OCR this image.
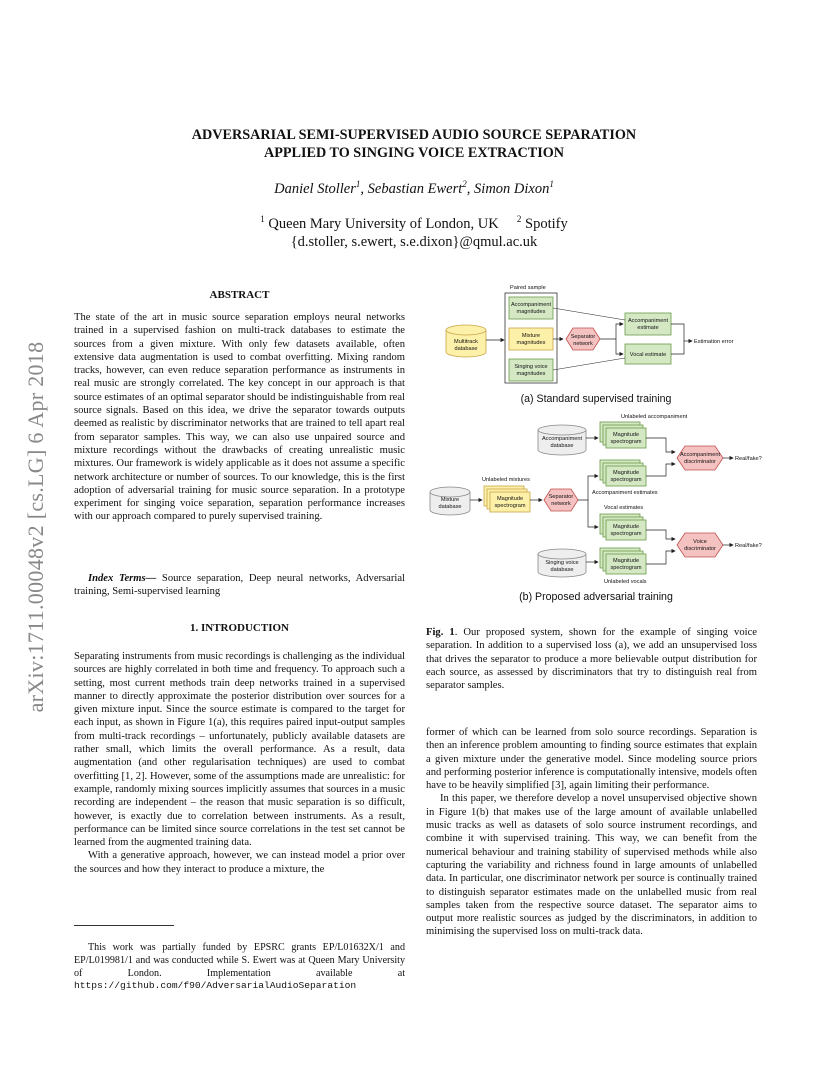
ADVERSARIAL SEMI-SUPERVISED AUDIO SOURCE SEPARATION
APPLIED TO SINGING VOICE EXTRACTION
Daniel Stoller$^1$, Sebastian Ewert$^2$, Simon Dixon$^1$
$^1$ Queen Mary University of London, UK $^2$ Spotify
{d.stoller, s.ewert, s.e.dixon}@qmul.ac.uk
arXiv:1711.00048v2 [cs.LG] 6 Apr 2018
ABSTRACT

The state of the art in music source separation employs neural networks trained in a supervised fashion on multi-track databases to estimate the sources from a given mixture. With only few datasets available, often extensive data augmentation is used to combat overfitting. Mixing random tracks, however, can even reduce separation performance as instruments in real music are strongly correlated. The key concept in our approach is that source estimates of an optimal separator should be indistinguishable from real source signals. Based on this idea, we drive the separator towards outputs deemed as realistic by discriminator networks that are trained to tell apart real from separator samples. This way, we can also use unpaired source and mixture recordings without the drawbacks of creating unrealistic music mixtures. Our framework is widely applicable as it does not assume a specific network architecture or number of sources. To our knowledge, this is the first adoption of adversarial training for music source separation. In a prototype experiment for singing voice separation, separation performance increases with our approach compared to purely supervised training.

Index Terms— Source separation, Deep neural networks, Adversarial training, Semi-supervised learning

1. INTRODUCTION

Separating instruments from music recordings is challenging as the individual sources are highly correlated in both time and frequency. To approach such a setting, most current methods train deep networks trained in a supervised manner to directly approximate the posterior distribution over sources for a given mixture input. Since the source estimate is compared to the target for each input, as shown in Figure 1(a), this requires paired input-output samples from multi-track recordings – unfortunately, publicly available datasets are rather small, which limits the overall performance. As a result, data augmentation (and other regularisation techniques) are used to combat overfitting [1, 2]. However, some of the assumptions made are unrealistic: for example, randomly mixing sources implicitly assumes that sources in a music recording are independent – the reason that music separation is so difficult, however, is exactly due to correlation between instruments. As a result, performance can be limited since source correlations in the test set cannot be learned from the augmented training data.

With a generative approach, however, we can instead model a prior over the sources and how they interact to produce a mixture, the

This work was partially funded by EPSRC grants EP/L01632X/1 and EP/L019981/1 and was conducted while S. Ewert was at Queen Mary University of London. Implementation available at https://github.com/f90/AdversarialAudioSeparation

Paired sample
Accompaniment
magnitudes
Mixture
magnitudes
Singing voice
magnitudes
Multitrack
database
Separator
network
Accompaniment
estimate
Vocal estimate
Estimation error
(a) Standard supervised training
Unlabeled accompaniment
Accompaniment
database
Magnitude
spectrogram
Accompaniment
discriminator	Real/fake?
Magnitude
spectrogram
Accompaniment estimates
Unlabeled mixtures
Mixture
database
Magnitude
spectrogram
Separator
network
Vocal estimates
Magnitude
spectrogram
Voice
discriminator	Real/fake?
Singing voice
database
Magnitude
spectrogram
Unlabeled vocals
(b) Proposed adversarial training

Fig. 1. Our proposed system, shown for the example of singing voice separation. In addition to a supervised loss (a), we add an unsupervised loss that drives the separator to produce a more believable output distribution for each source, as assessed by discriminators that try to distinguish real from separator samples.

former of which can be learned from solo source recordings. Separation is then an inference problem amounting to finding source estimates that explain a given mixture under the generative model. Since modeling source priors and performing posterior inference is computationally intensive, models often have to be heavily simplified [3], again limiting their performance.

In this paper, we therefore develop a novel unsupervised objective shown in Figure 1(b) that makes use of the large amount of available unlabelled music tracks as well as datasets of solo source instrument recordings, and combine it with supervised training. This way, we can benefit from the numerical behaviour and training stability of supervised methods while also capturing the variability and richness found in large amounts of unlabelled data. In particular, one discriminator network per source is continually trained to distinguish separator estimates made on the unlabelled music from real samples taken from the respective source dataset. The separator aims to output more realistic sources as judged by the discriminators, in addition to minimising the supervised loss on multi-track data.
